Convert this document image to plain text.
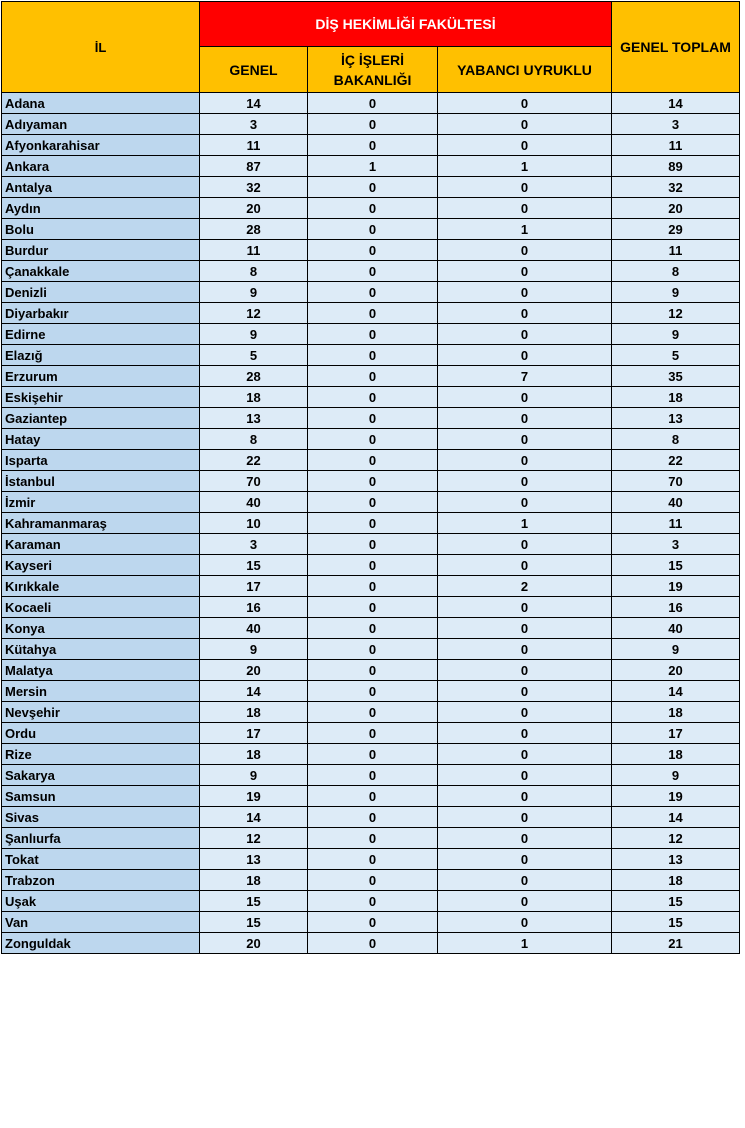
İL	DİŞ HEKİMLİĞİ FAKÜLTESİ			GENEL TOPLAM
	GENEL	İÇ İŞLERİ BAKANLIĞI	YABANCI UYRUKLU	
Adana	14	0	0	14
Adıyaman	3	0	0	3
Afyonkarahisar	11	0	0	11
Ankara	87	1	1	89
Antalya	32	0	0	32
Aydın	20	0	0	20
Bolu	28	0	1	29
Burdur	11	0	0	11
Çanakkale	8	0	0	8
Denizli	9	0	0	9
Diyarbakır	12	0	0	12
Edirne	9	0	0	9
Elazığ	5	0	0	5
Erzurum	28	0	7	35
Eskişehir	18	0	0	18
Gaziantep	13	0	0	13
Hatay	8	0	0	8
Isparta	22	0	0	22
İstanbul	70	0	0	70
İzmir	40	0	0	40
Kahramanmaraş	10	0	1	11
Karaman	3	0	0	3
Kayseri	15	0	0	15
Kırıkkale	17	0	2	19
Kocaeli	16	0	0	16
Konya	40	0	0	40
Kütahya	9	0	0	9
Malatya	20	0	0	20
Mersin	14	0	0	14
Nevşehir	18	0	0	18
Ordu	17	0	0	17
Rize	18	0	0	18
Sakarya	9	0	0	9
Samsun	19	0	0	19
Sivas	14	0	0	14
Şanlıurfa	12	0	0	12
Tokat	13	0	0	13
Trabzon	18	0	0	18
Uşak	15	0	0	15
Van	15	0	0	15
Zonguldak	20	0	1	21
